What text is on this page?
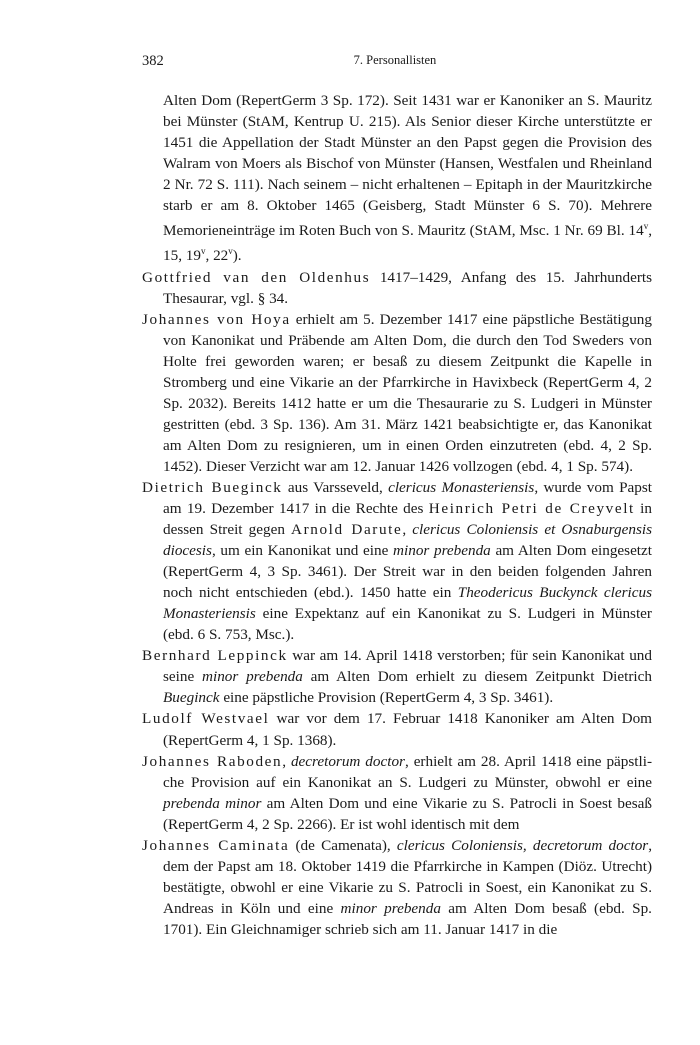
382	7. Personallisten

Alten Dom (RepertGerm 3 Sp. 172). Seit 1431 war er Kanoniker an S. Mauritz bei Münster (StAM, Kentrup U. 215). Als Senior dieser Kirche unterstützte er 1451 die Appellation der Stadt Münster an den Papst gegen die Provision des Walram von Moers als Bischof von Münster (Hansen, Westfalen und Rheinland 2 Nr. 72 S. 111). Nach seinem – nicht erhaltenen – Epitaph in der Mauritzkirche starb er am 8. Oktober 1465 (Geisberg, Stadt Münster 6 S. 70). Mehrere Memorieneinträge im Roten Buch von S. Mauritz (StAM, Msc. 1 Nr. 69 Bl. 14$^v$, 15, 19$^v$, 22$^v$).

Gottfried van den Oldenhus 1417–1429, Anfang des 15. Jahrhunderts Thesaurar, vgl. § 34.

Johannes von Hoya erhielt am 5. Dezember 1417 eine päpstliche Bestätigung von Kanonikat und Präbende am Alten Dom, die durch den Tod Sweders von Holte frei geworden waren; er besaß zu diesem Zeitpunkt die Kapelle in Stromberg und eine Vikarie an der Pfarrkirche in Havixbeck (RepertGerm 4, 2 Sp. 2032). Bereits 1412 hatte er um die Thesaurarie zu S. Ludgeri in Münster gestritten (ebd. 3 Sp. 136). Am 31. März 1421 beabsichtigte er, das Kanonikat am Alten Dom zu resignieren, um in einen Orden einzutreten (ebd. 4, 2 Sp. 1452). Dieser Verzicht war am 12. Januar 1426 vollzogen (ebd. 4, 1 Sp. 574).

Dietrich Bueginck aus Varsseveld, clericus Monasteriensis, wurde vom Papst am 19. Dezember 1417 in die Rechte des Heinrich Petri de Creyvelt in dessen Streit gegen Arnold Darute, clericus Coloniensis et Osnaburgensis diocesis, um ein Kanonikat und eine minor prebenda am Alten Dom eingesetzt (RepertGerm 4, 3 Sp. 3461). Der Streit war in den beiden folgenden Jahren noch nicht entschieden (ebd.). 1450 hatte ein Theodericus Buckynck clericus Monasteriensis eine Expektanz auf ein Kanonikat zu S. Ludgeri in Münster (ebd. 6 S. 753, Msc.).

Bernhard Leppinck war am 14. April 1418 verstorben; für sein Kanonikat und seine minor prebenda am Alten Dom erhielt zu diesem Zeitpunkt Dietrich Bueginck eine päpstliche Provision (RepertGerm 4, 3 Sp. 3461).

Ludolf Westvael war vor dem 17. Februar 1418 Kanoniker am Alten Dom (RepertGerm 4, 1 Sp. 1368).

Johannes Raboden, decretorum doctor, erhielt am 28. April 1418 eine päpstliche Provision auf ein Kanonikat an S. Ludgeri zu Münster, obwohl er eine prebenda minor am Alten Dom und eine Vikarie zu S. Patrocli in Soest besaß (RepertGerm 4, 2 Sp. 2266). Er ist wohl identisch mit dem

Johannes Caminata (de Camenata), clericus Coloniensis, decretorum doctor, dem der Papst am 18. Oktober 1419 die Pfarrkirche in Kampen (Diöz. Utrecht) bestätigte, obwohl er eine Vikarie zu S. Patrocli in Soest, ein Kanonikat zu S. Andreas in Köln und eine minor prebenda am Alten Dom besaß (ebd. Sp. 1701). Ein Gleichnamiger schrieb sich am 11. Januar 1417 in die
